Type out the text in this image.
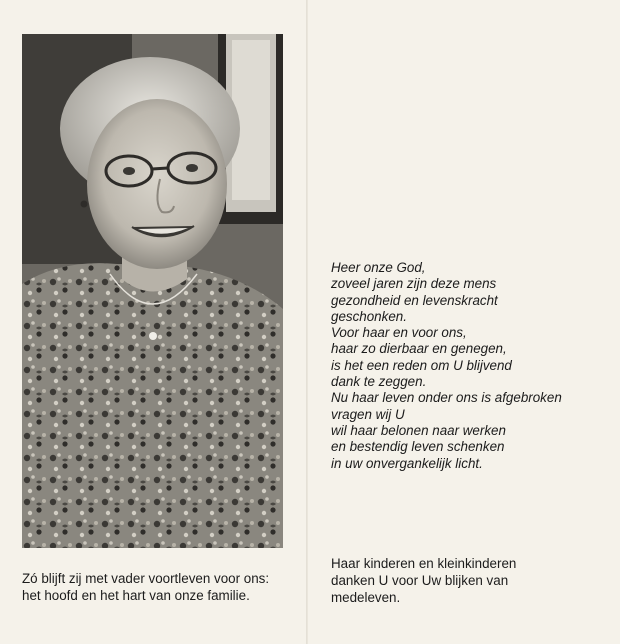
Heer onze God,
zoveel jaren zijn deze mens
gezondheid en levenskracht
geschonken.
Voor haar en voor ons,
haar zo dierbaar en genegen,
is het een reden om U blijvend
dank te zeggen.
Nu haar leven onder ons is afgebroken
vragen wij U
wil haar belonen naar werken
en bestendig leven schenken
in uw onvergankelijk licht.
Zó blijft zij met vader voortleven voor ons:
het hoofd en het hart van onze familie.
Haar kinderen en kleinkinderen
danken U voor Uw blijken van
medeleven.
